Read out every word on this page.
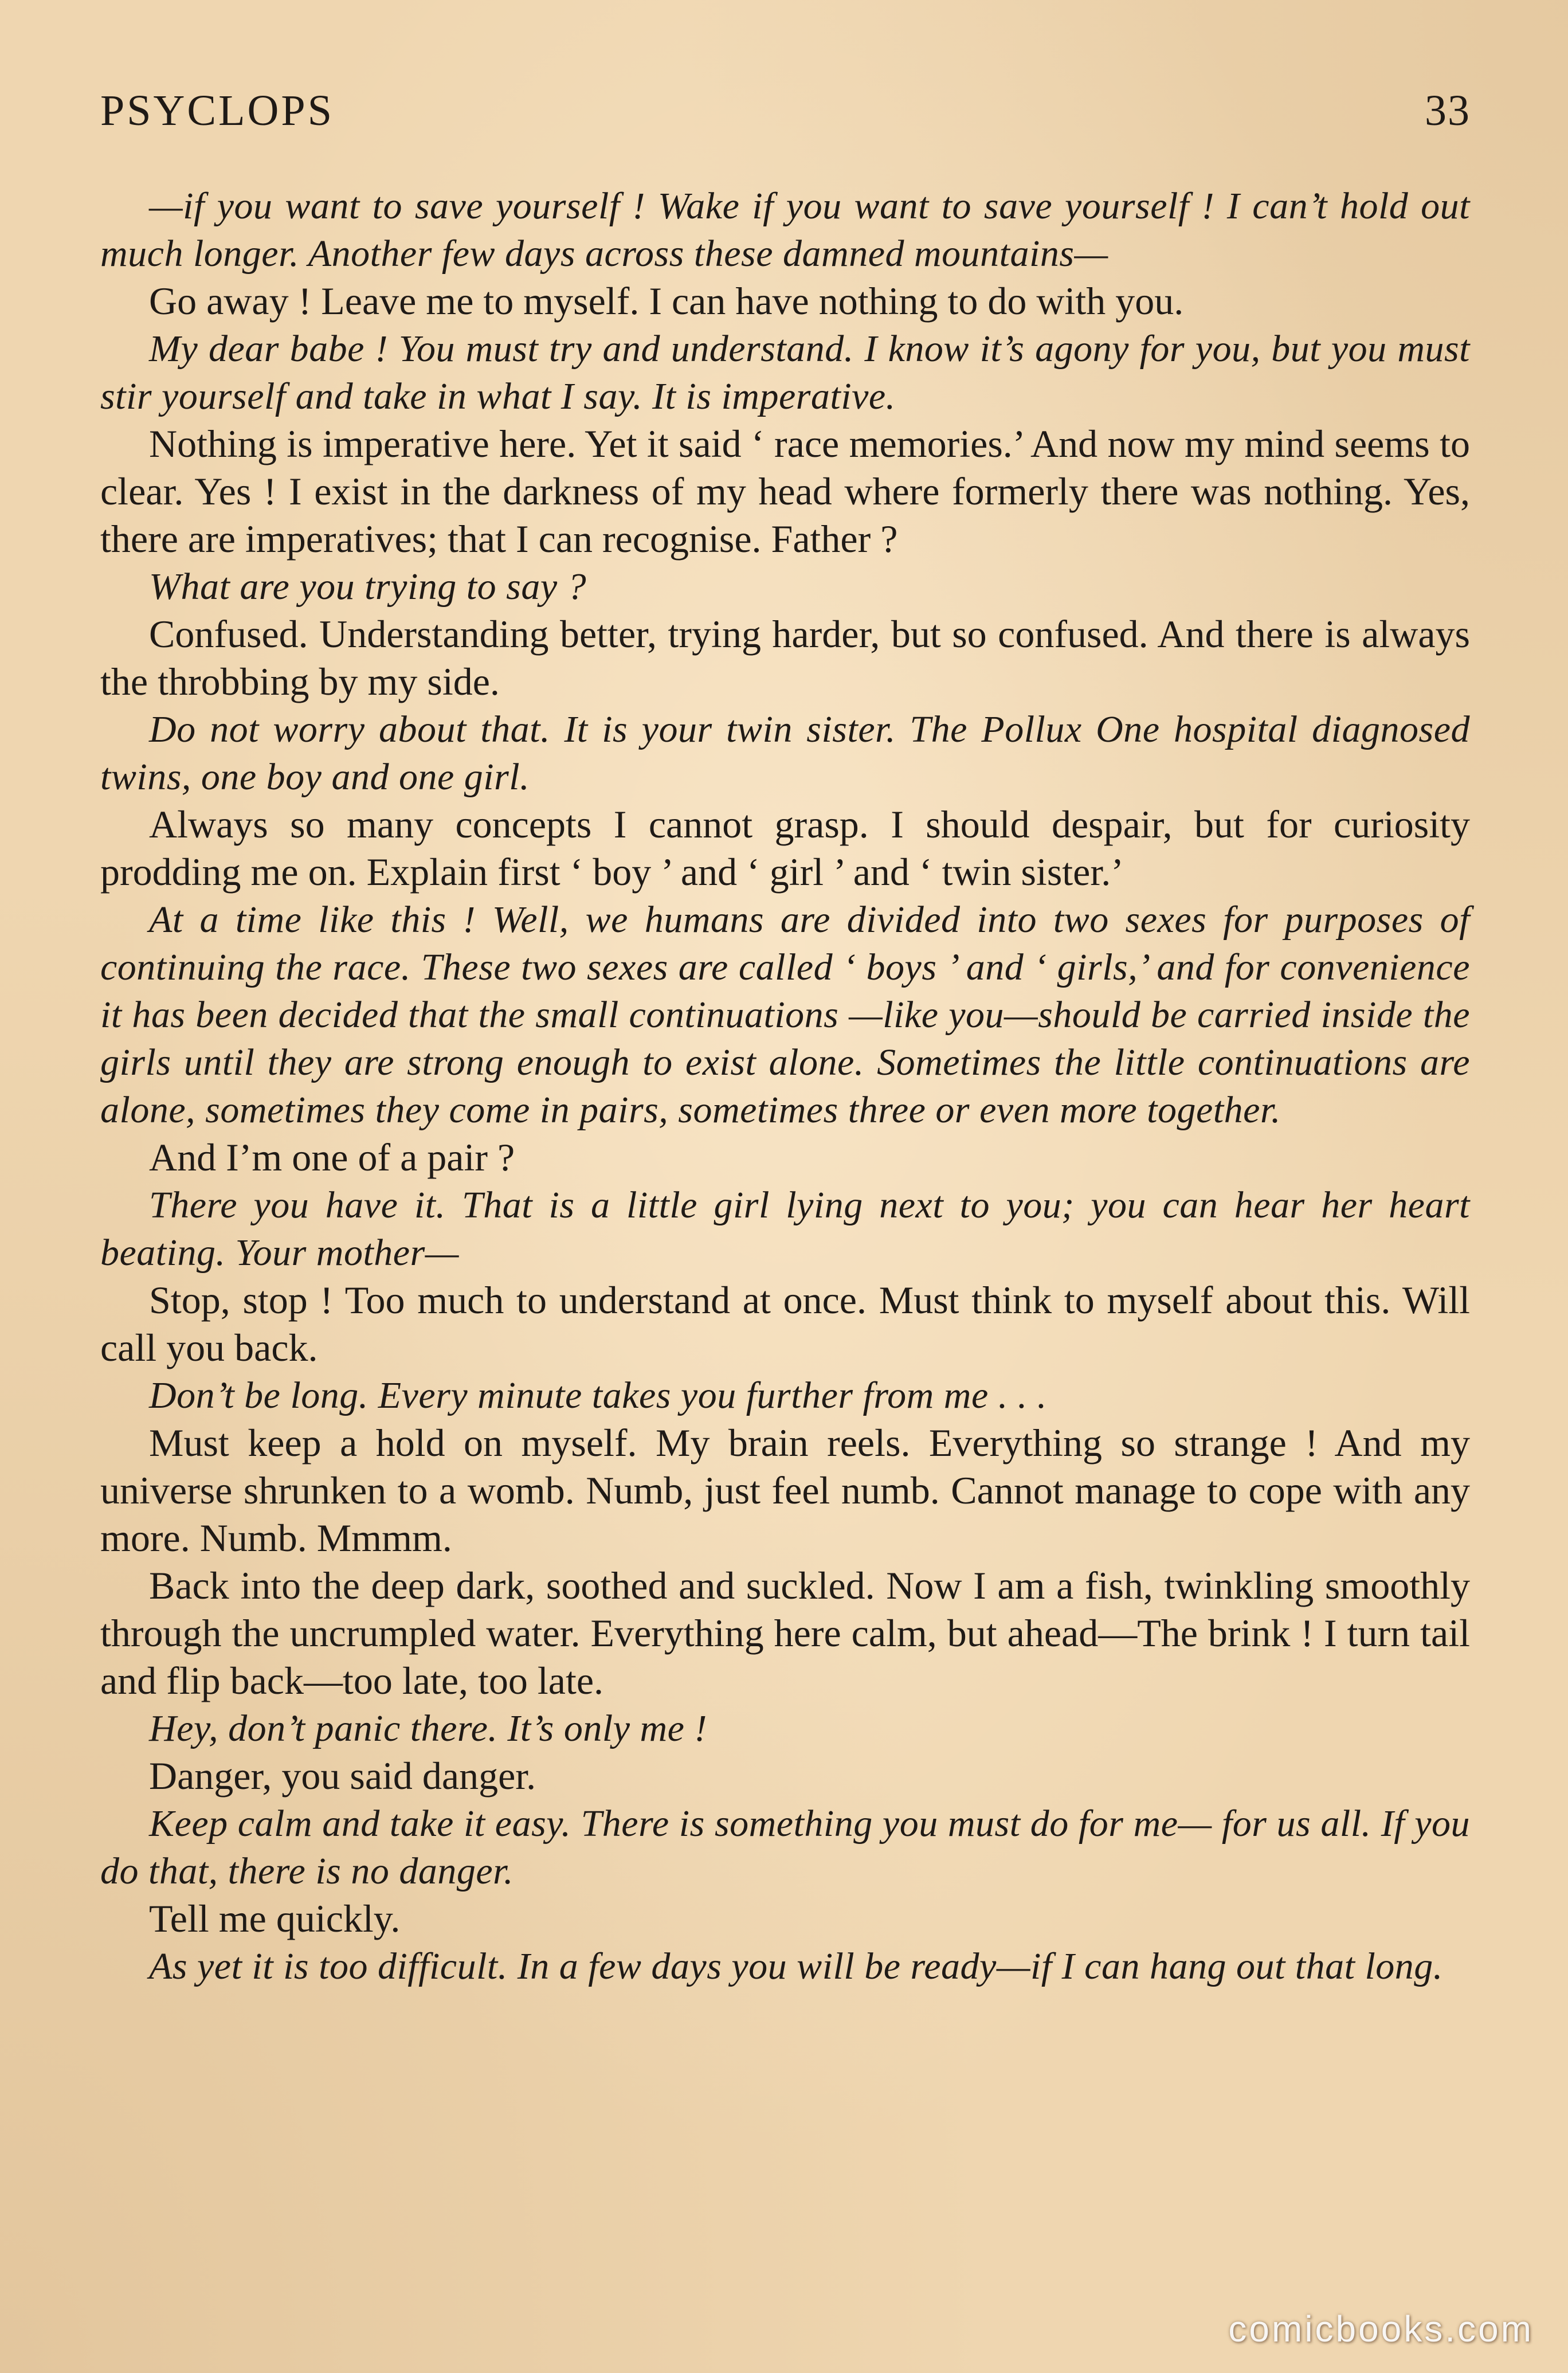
PSYCLOPS	33

—if you want to save yourself ! Wake if you want to save yourself ! I can’t hold out much longer. Another few days across these damned mountains—

Go away ! Leave me to myself. I can have nothing to do with you.

My dear babe ! You must try and understand. I know it’s agony for you, but you must stir yourself and take in what I say. It is imperative.

Nothing is imperative here. Yet it said ‘ race memories.’ And now my mind seems to clear. Yes ! I exist in the darkness of my head where formerly there was nothing. Yes, there are imperatives; that I can recognise. Father ?

What are you trying to say ?

Confused. Understanding better, trying harder, but so confused. And there is always the throbbing by my side.

Do not worry about that. It is your twin sister. The Pollux One hospital diagnosed twins, one boy and one girl.

Always so many concepts I cannot grasp. I should despair, but for curiosity prodding me on. Explain first ‘ boy ’ and ‘ girl ’ and ‘ twin sister.’

At a time like this ! Well, we humans are divided into two sexes for purposes of continuing the race. These two sexes are called ‘ boys ’ and ‘ girls,’ and for convenience it has been decided that the small continuations —like you—should be carried inside the girls until they are strong enough to exist alone. Sometimes the little continuations are alone, sometimes they come in pairs, sometimes three or even more together.

And I’m one of a pair ?

There you have it. That is a little girl lying next to you; you can hear her heart beating. Your mother—

Stop, stop ! Too much to understand at once. Must think to myself about this. Will call you back.

Don’t be long. Every minute takes you further from me . . .

Must keep a hold on myself. My brain reels. Everything so strange ! And my universe shrunken to a womb. Numb, just feel numb. Cannot manage to cope with any more. Numb. Mmmm.

Back into the deep dark, soothed and suckled. Now I am a fish, twinkling smoothly through the uncrumpled water. Everything here calm, but ahead—The brink ! I turn tail and flip back—too late, too late.

Hey, don’t panic there. It’s only me !

Danger, you said danger.

Keep calm and take it easy. There is something you must do for me— for us all. If you do that, there is no danger.

Tell me quickly.

As yet it is too difficult. In a few days you will be ready—if I can hang out that long.

comicbooks.com
